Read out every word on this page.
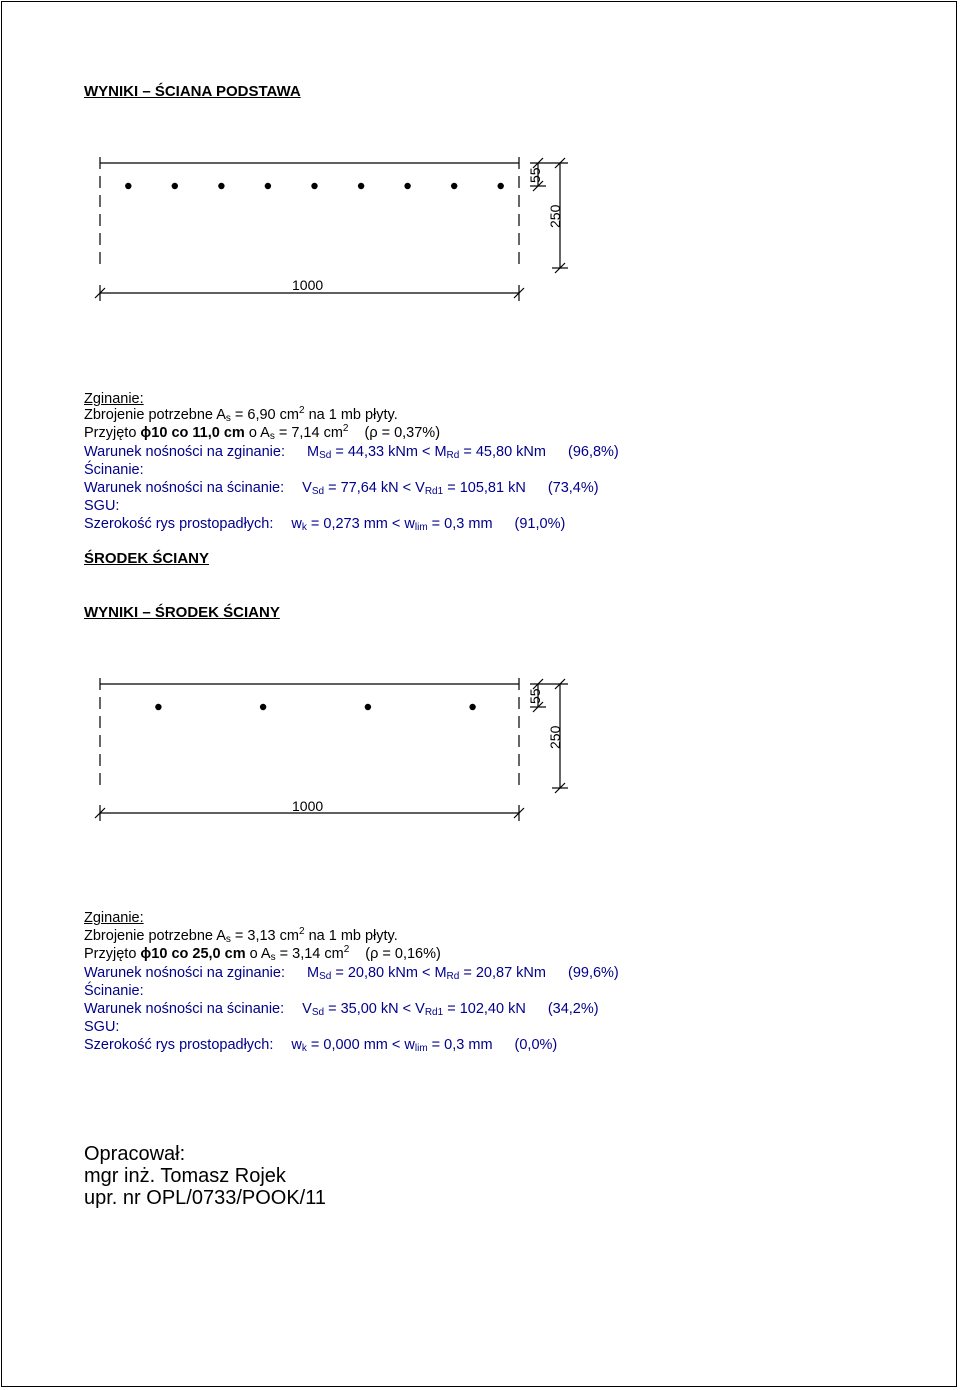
WYNIKI – ŚCIANA PODSTAWA
1000
55
250
Zginanie:
Zbrojenie potrzebne $A_s = 6,90$ $cm^2$ na 1 mb płyty.
Przyjęto ϕ10 co 11,0 cm o $A_s = 7,14$ $cm^2$ (ρ = 0,37%)
Warunek nośności na zginanie: $M_{Sd} = 44,33$ kNm < $M_{Rd} = 45,80$ kNm (96,8%)
Ścinanie:
Warunek nośności na ścinanie: $V_{Sd} = 77,64$ kN < $V_{Rd1} = 105,81$ kN (73,4%)
SGU:
Szerokość rys prostopadłych: $w_k = 0,273$ mm < $w_{lim} = 0,3$ mm (91,0%)
ŚRODEK ŚCIANY
WYNIKI – ŚRODEK ŚCIANY
1000
55
250
Zginanie:
Zbrojenie potrzebne $A_s = 3,13$ $cm^2$ na 1 mb płyty.
Przyjęto ϕ10 co 25,0 cm o $A_s = 3,14$ $cm^2$ (ρ = 0,16%)
Warunek nośności na zginanie: $M_{Sd} = 20,80$ kNm < $M_{Rd} = 20,87$ kNm (99,6%)
Ścinanie:
Warunek nośności na ścinanie: $V_{Sd} = 35,00$ kN < $V_{Rd1} = 102,40$ kN (34,2%)
SGU:
Szerokość rys prostopadłych: $w_k = 0,000$ mm < $w_{lim} = 0,3$ mm (0,0%)
Opracował:
mgr inż. Tomasz Rojek
upr. nr OPL/0733/POOK/11
